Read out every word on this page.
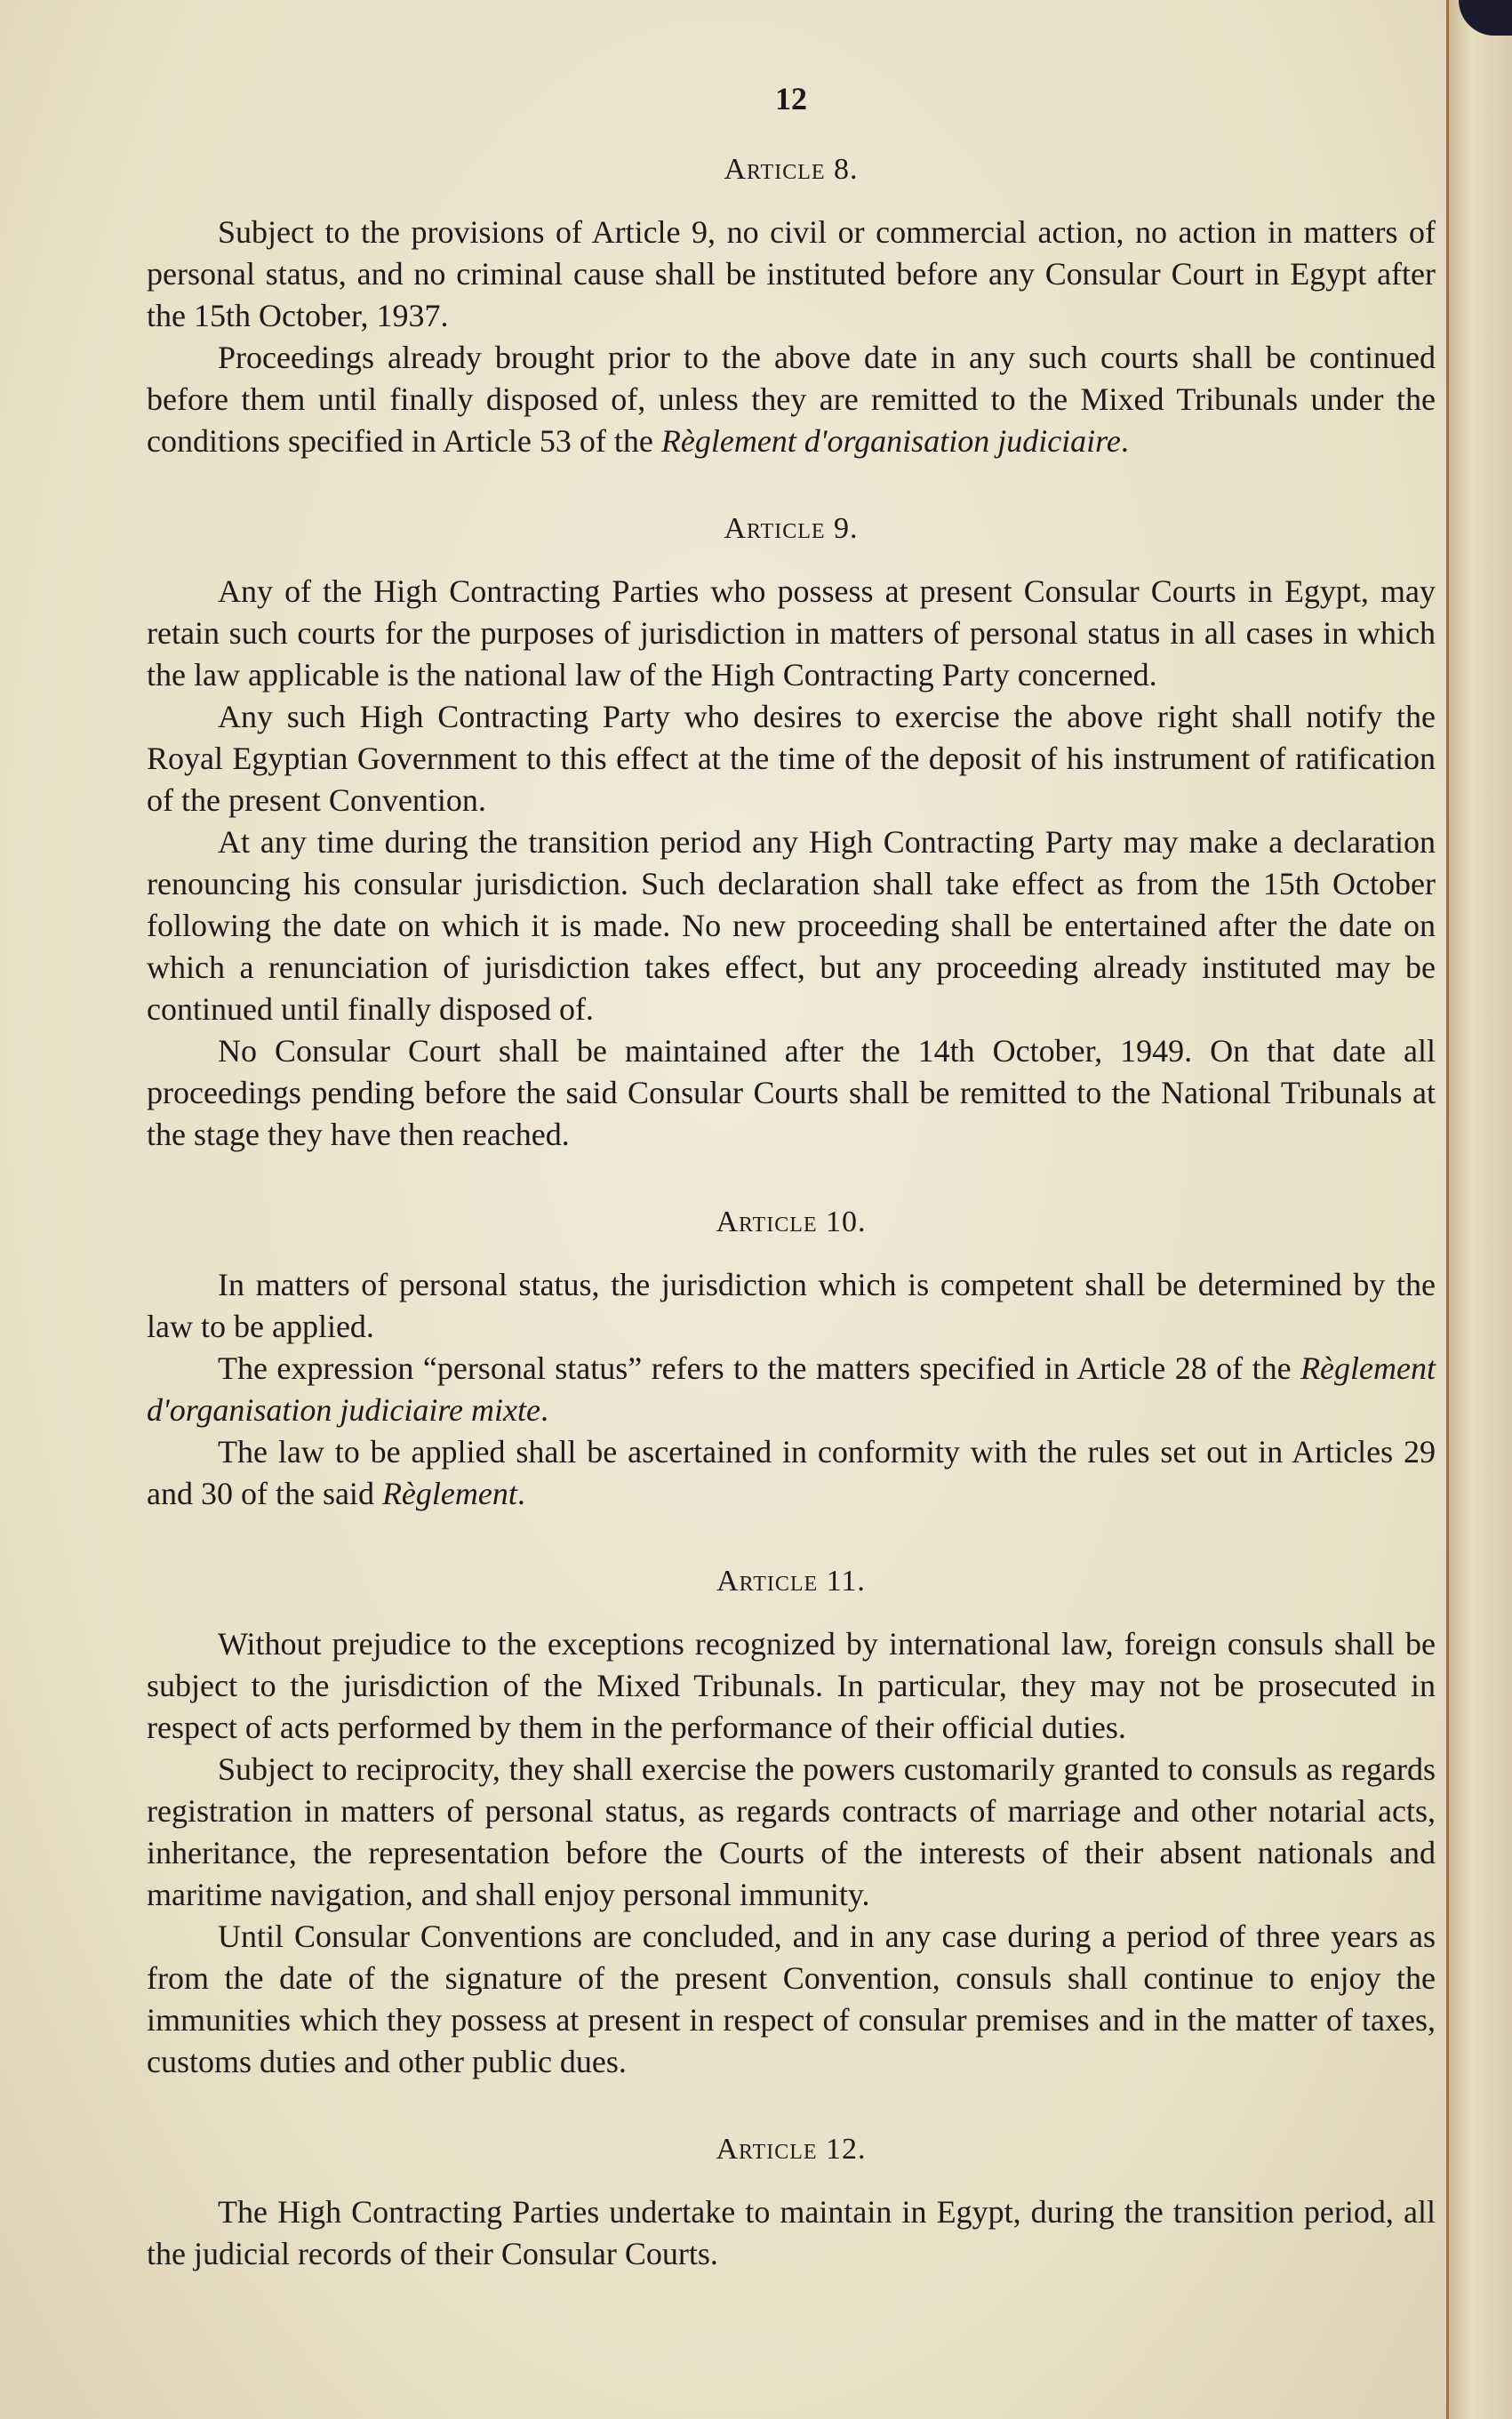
12
Article 8.

Subject to the provisions of Article 9, no civil or commercial action, no action in matters of personal status, and no criminal cause shall be instituted before any Consular Court in Egypt after the 15th October, 1937.

Proceedings already brought prior to the above date in any such courts shall be continued before them until finally disposed of, unless they are remitted to the Mixed Tribunals under the conditions specified in Article 53 of the Règlement d'organisation judiciaire.

Article 9.

Any of the High Contracting Parties who possess at present Consular Courts in Egypt, may retain such courts for the purposes of jurisdiction in matters of personal status in all cases in which the law applicable is the national law of the High Contracting Party concerned.

Any such High Contracting Party who desires to exercise the above right shall notify the Royal Egyptian Government to this effect at the time of the deposit of his instrument of ratification of the present Convention.

At any time during the transition period any High Contracting Party may make a declaration renouncing his consular jurisdiction. Such declaration shall take effect as from the 15th October following the date on which it is made. No new proceeding shall be entertained after the date on which a renunciation of jurisdiction takes effect, but any proceeding already instituted may be continued until finally disposed of.

No Consular Court shall be maintained after the 14th October, 1949. On that date all proceedings pending before the said Consular Courts shall be remitted to the National Tribunals at the stage they have then reached.

Article 10.

In matters of personal status, the jurisdiction which is competent shall be determined by the law to be applied.

The expression “personal status” refers to the matters specified in Article 28 of the Règlement d'organisation judiciaire mixte.

The law to be applied shall be ascertained in conformity with the rules set out in Articles 29 and 30 of the said Règlement.

Article 11.

Without prejudice to the exceptions recognized by international law, foreign consuls shall be subject to the jurisdiction of the Mixed Tribunals. In particular, they may not be prosecuted in respect of acts performed by them in the performance of their official duties.

Subject to reciprocity, they shall exercise the powers customarily granted to consuls as regards registration in matters of personal status, as regards contracts of marriage and other notarial acts, inheritance, the representation before the Courts of the interests of their absent nationals and maritime navigation, and shall enjoy personal immunity.

Until Consular Conventions are concluded, and in any case during a period of three years as from the date of the signature of the present Convention, consuls shall continue to enjoy the immunities which they possess at present in respect of consular premises and in the matter of taxes, customs duties and other public dues.

Article 12.

The High Contracting Parties undertake to maintain in Egypt, during the transition period, all the judicial records of their Consular Courts.
